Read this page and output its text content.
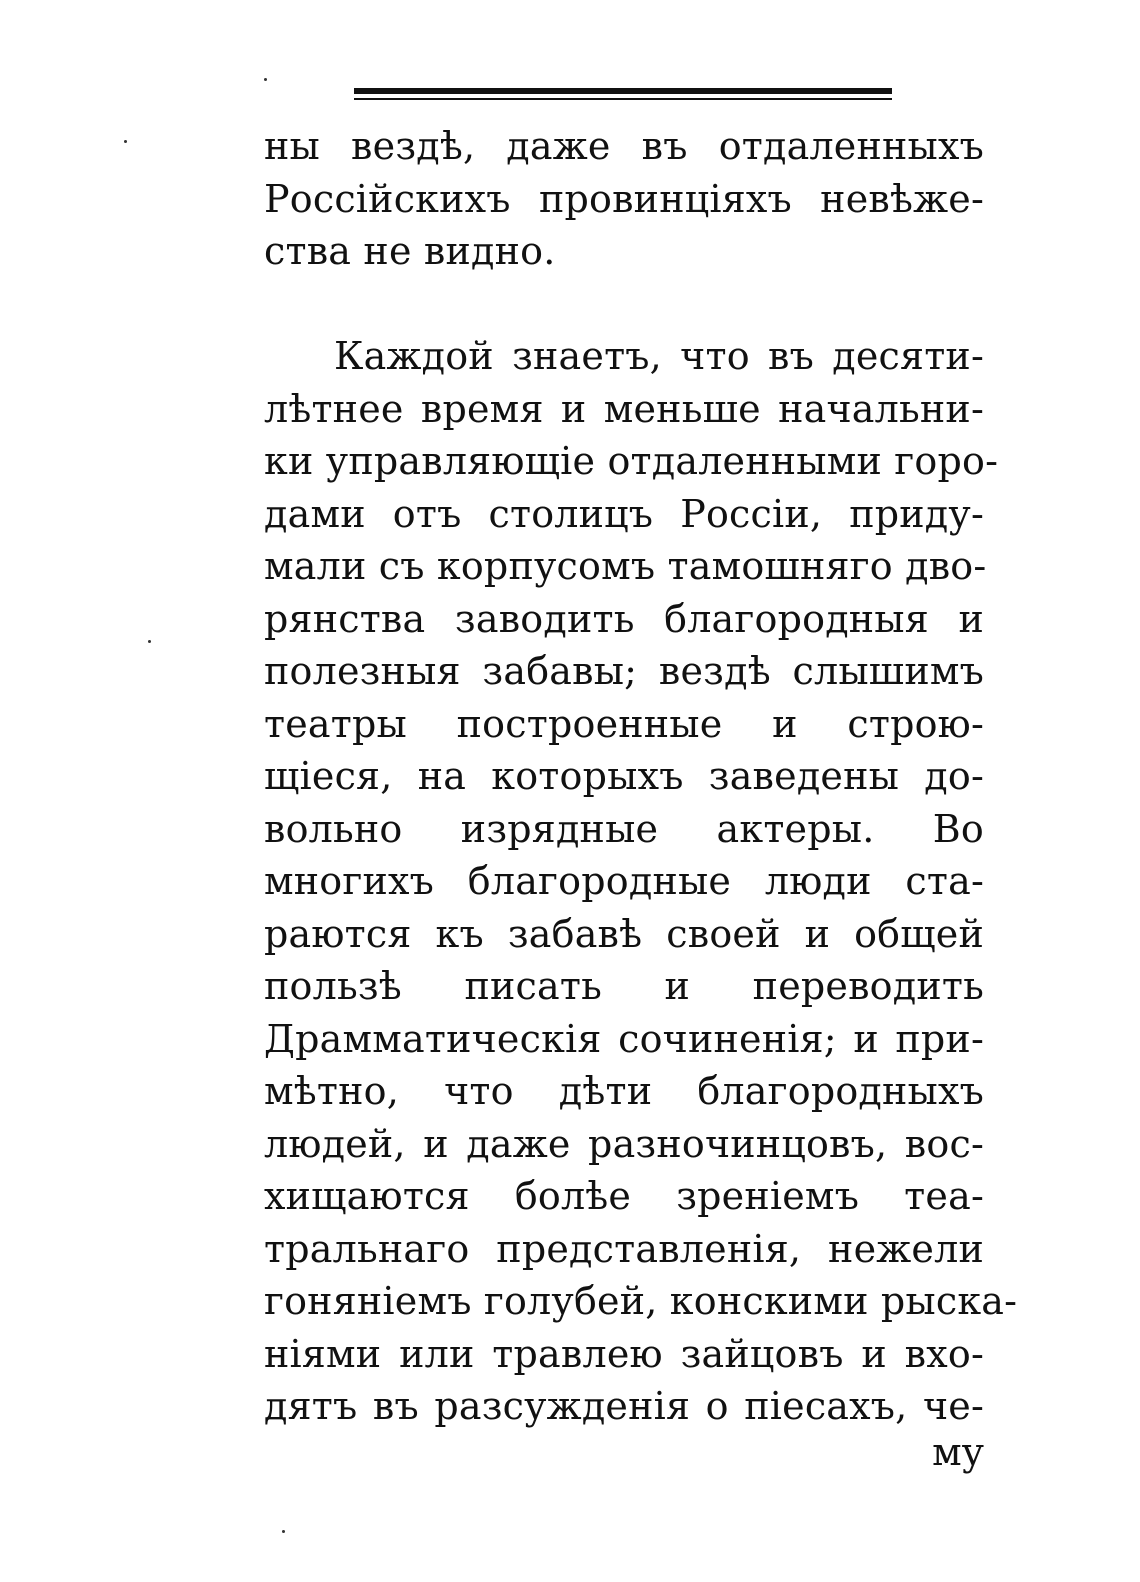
ны вездѣ, даже въ отдаленныхъ
Россійскихъ провинціяхъ невѣже-
ства не видно.
Каждой знаетъ, что въ десяти-
лѣтнее время и меньше начальни-
ки управляющіе отдаленными горо-
дами отъ столицъ Россіи, приду-
мали съ корпусомъ тамошняго дво-
рянства заводить благородныя и
полезныя забавы; вездѣ слышимъ
театры построенные и строю-
щіеся, на которыхъ заведены до-
вольно изрядные актеры. Во
многихъ благородные люди ста-
раются къ забавѣ своей и общей
пользѣ писать и переводить
Драмматическія сочиненія; и при-
мѣтно, что дѣти благородныхъ
людей, и даже разночинцовъ, вос-
хищаются болѣе зреніемъ теа-
тральнаго представленія, нежели
гоняніемъ голубей, конскими рыска-
ніями или травлею зайцовъ и вхо-
дятъ въ разсужденія о піесахъ, че-
му
